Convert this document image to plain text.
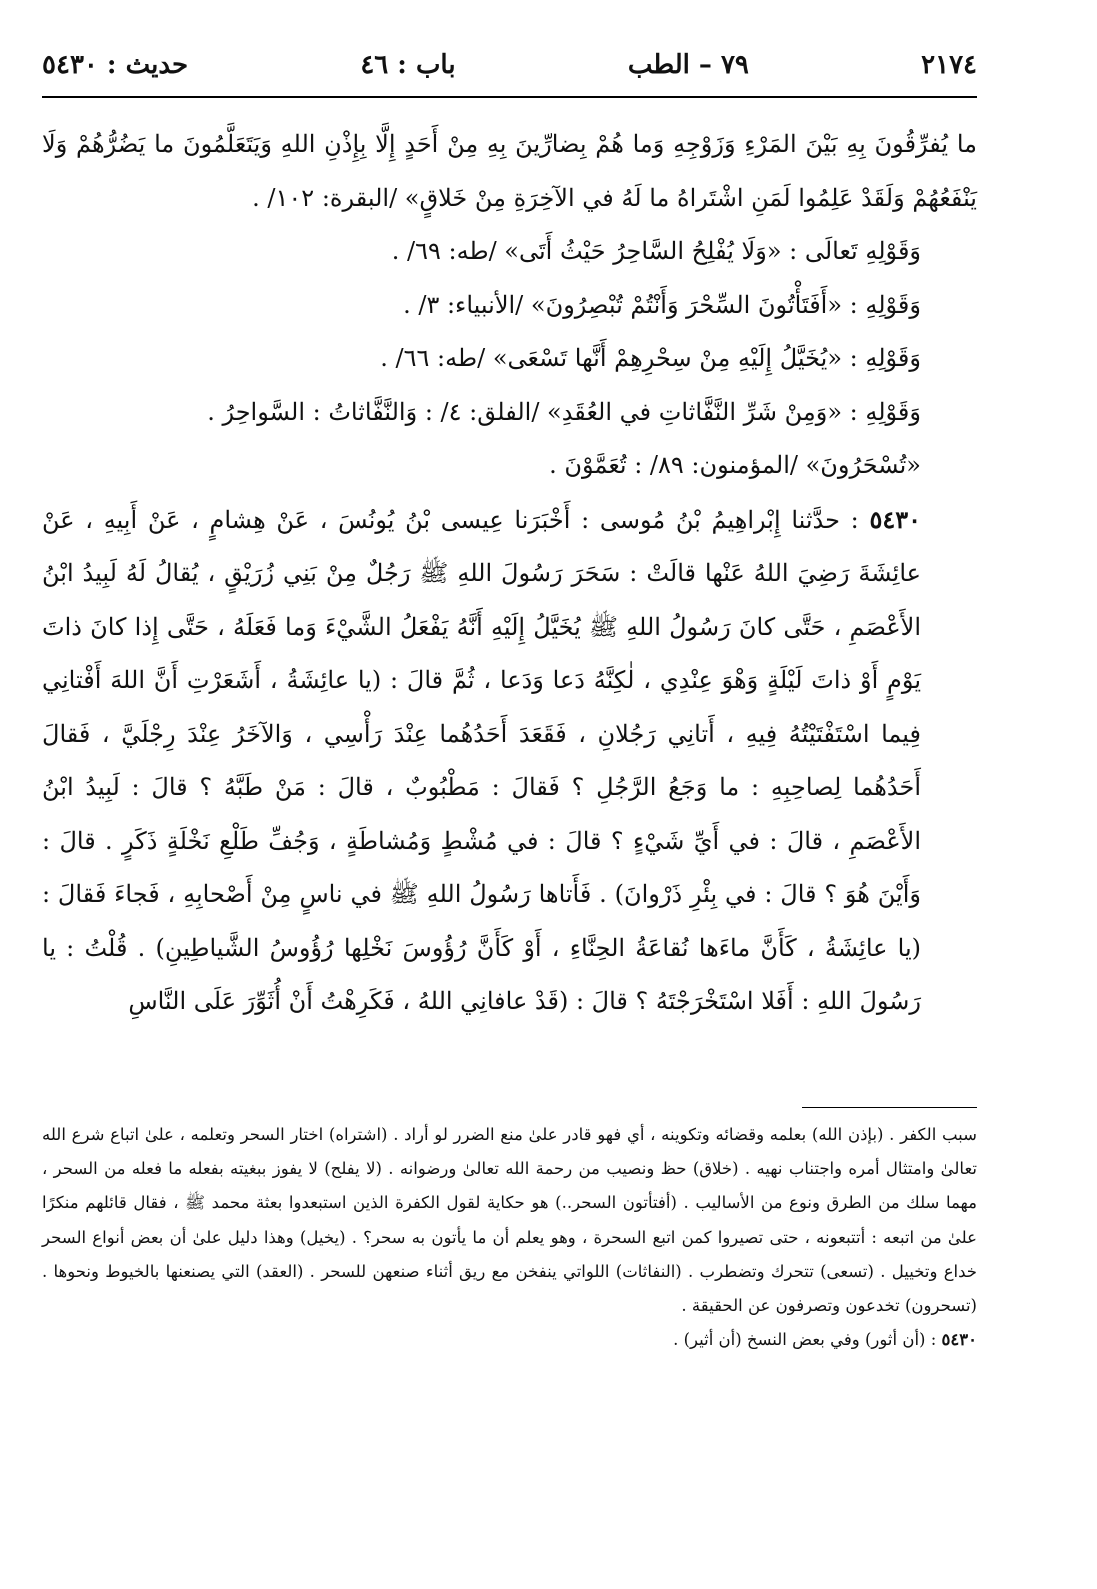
٢١٧٤
٧٩ – الطب
باب : ٤٦
حديث : ٥٤٣٠

ما يُفرِّقُونَ بِهِ بَيْنَ المَرْءِ وَزَوْجِهِ وَما هُمْ بِضارِّينَ بِهِ مِنْ أَحَدٍ إِلَّا بِإِذْنِ اللهِ وَيَتَعَلَّمُونَ ما يَضُرُّهُمْ وَلَا يَنْفَعُهُمْ وَلَقَدْ عَلِمُوا لَمَنِ اشْتَراهُ ما لَهُ في الآخِرَةِ مِنْ خَلاقٍ» /البقرة: ١٠٢/ .

وَقَوْلِهِ تَعالَى : «وَلَا يُفْلِحُ السَّاحِرُ حَيْثُ أَتَى» /طه: ٦٩/ .

وَقَوْلِهِ : «أَفَتَأْتُونَ السِّحْرَ وَأَنْتُمْ تُبْصِرُونَ» /الأنبياء: ٣/ .

وَقَوْلِهِ : «يُخَيَّلُ إِلَيْهِ مِنْ سِحْرِهِمْ أَنَّها تَسْعَى» /طه: ٦٦/ .

وَقَوْلِهِ : «وَمِنْ شَرِّ النَّفَّاثاتِ في العُقَدِ» /الفلق: ٤/ : وَالنَّفَّاثاتُ : السَّواحِرُ .

«تُسْحَرُونَ» /المؤمنون: ٨٩/ : تُعَمَّوْنَ .

٥٤٣٠ : حدَّثنا إِبْراهِيمُ بْنُ مُوسى : أَخْبَرَنا عِيسى بْنُ يُونُسَ ، عَنْ هِشامٍ ، عَنْ أَبِيهِ ، عَنْ عائِشَةَ رَضِيَ اللهُ عَنْها قالَتْ : سَحَرَ رَسُولَ اللهِ ﷺ رَجُلٌ مِنْ بَنِي زُرَيْقٍ ، يُقالُ لَهُ لَبِيدُ ابْنُ الأَعْصَمِ ، حَتَّى كانَ رَسُولُ اللهِ ﷺ يُخَيَّلُ إِلَيْهِ أَنَّهُ يَفْعَلُ الشَّيْءَ وَما فَعَلَهُ ، حَتَّى إِذا كانَ ذاتَ يَوْمٍ أَوْ ذاتَ لَيْلَةٍ وَهْوَ عِنْدِي ، لٰكِنَّهُ دَعا وَدَعا ، ثُمَّ قالَ : (يا عائِشَةُ ، أَشَعَرْتِ أَنَّ اللهَ أَفْتانِي فِيما اسْتَفْتَيْتُهُ فِيهِ ، أَتانِي رَجُلانِ ، فَقَعَدَ أَحَدُهُما عِنْدَ رَأْسِي ، وَالآخَرُ عِنْدَ رِجْلَيَّ ، فَقالَ أَحَدُهُما لِصاحِبِهِ : ما وَجَعُ الرَّجُلِ ؟ فَقالَ : مَطْبُوبٌ ، قالَ : مَنْ طَبَّهُ ؟ قالَ : لَبِيدُ ابْنُ الأَعْصَمِ ، قالَ : في أَيِّ شَيْءٍ ؟ قالَ : في مُشْطٍ وَمُشاطَةٍ ، وَجُفِّ طَلْعِ نَخْلَةٍ ذَكَرٍ . قالَ : وَأَيْنَ هُوَ ؟ قالَ : في بِئْرِ ذَرْوانَ) . فَأَتاها رَسُولُ اللهِ ﷺ في ناسٍ مِنْ أَصْحابِهِ ، فَجاءَ فَقالَ : (يا عائِشَةُ ، كَأَنَّ ماءَها نُقاعَةُ الحِنَّاءِ ، أَوْ كَأَنَّ رُؤُوسَ نَخْلِها رُؤُوسُ الشَّياطِينِ) . قُلْتُ : يا رَسُولَ اللهِ : أَفَلا اسْتَخْرَجْتَهُ ؟ قالَ : (قَدْ عافانِي اللهُ ، فَكَرِهْتُ أَنْ أُثَوِّرَ عَلَى النَّاسِ

سبب الكفر . (بإذن الله) بعلمه وقضائه وتكوينه ، أي فهو قادر علىٰ منع الضرر لو أراد . (اشتراه) اختار السحر وتعلمه ، علىٰ اتباع شرع الله تعالىٰ وامتثال أمره واجتناب نهيه . (خلاق) حظ ونصيب من رحمة الله تعالىٰ ورضوانه . (لا يفلح) لا يفوز ببغيته بفعله ما فعله من السحر ، مهما سلك من الطرق ونوع من الأساليب . (أفتأتون السحر..) هو حكاية لقول الكفرة الذين استبعدوا بعثة محمد ﷺ ، فقال قائلهم منكرًا علىٰ من اتبعه : أتتبعونه ، حتى تصيروا كمن اتبع السحرة ، وهو يعلم أن ما يأتون به سحر؟ . (يخيل) وهذا دليل علىٰ أن بعض أنواع السحر خداع وتخييل . (تسعى) تتحرك وتضطرب . (النفاثات) اللواتي ينفخن مع ريق أثناء صنعهن للسحر . (العقد) التي يصنعنها بالخيوط ونحوها . (تسحرون) تخدعون وتصرفون عن الحقيقة .

٥٤٣٠ : (أن أثور) وفي بعض النسخ (أن أثير) .
